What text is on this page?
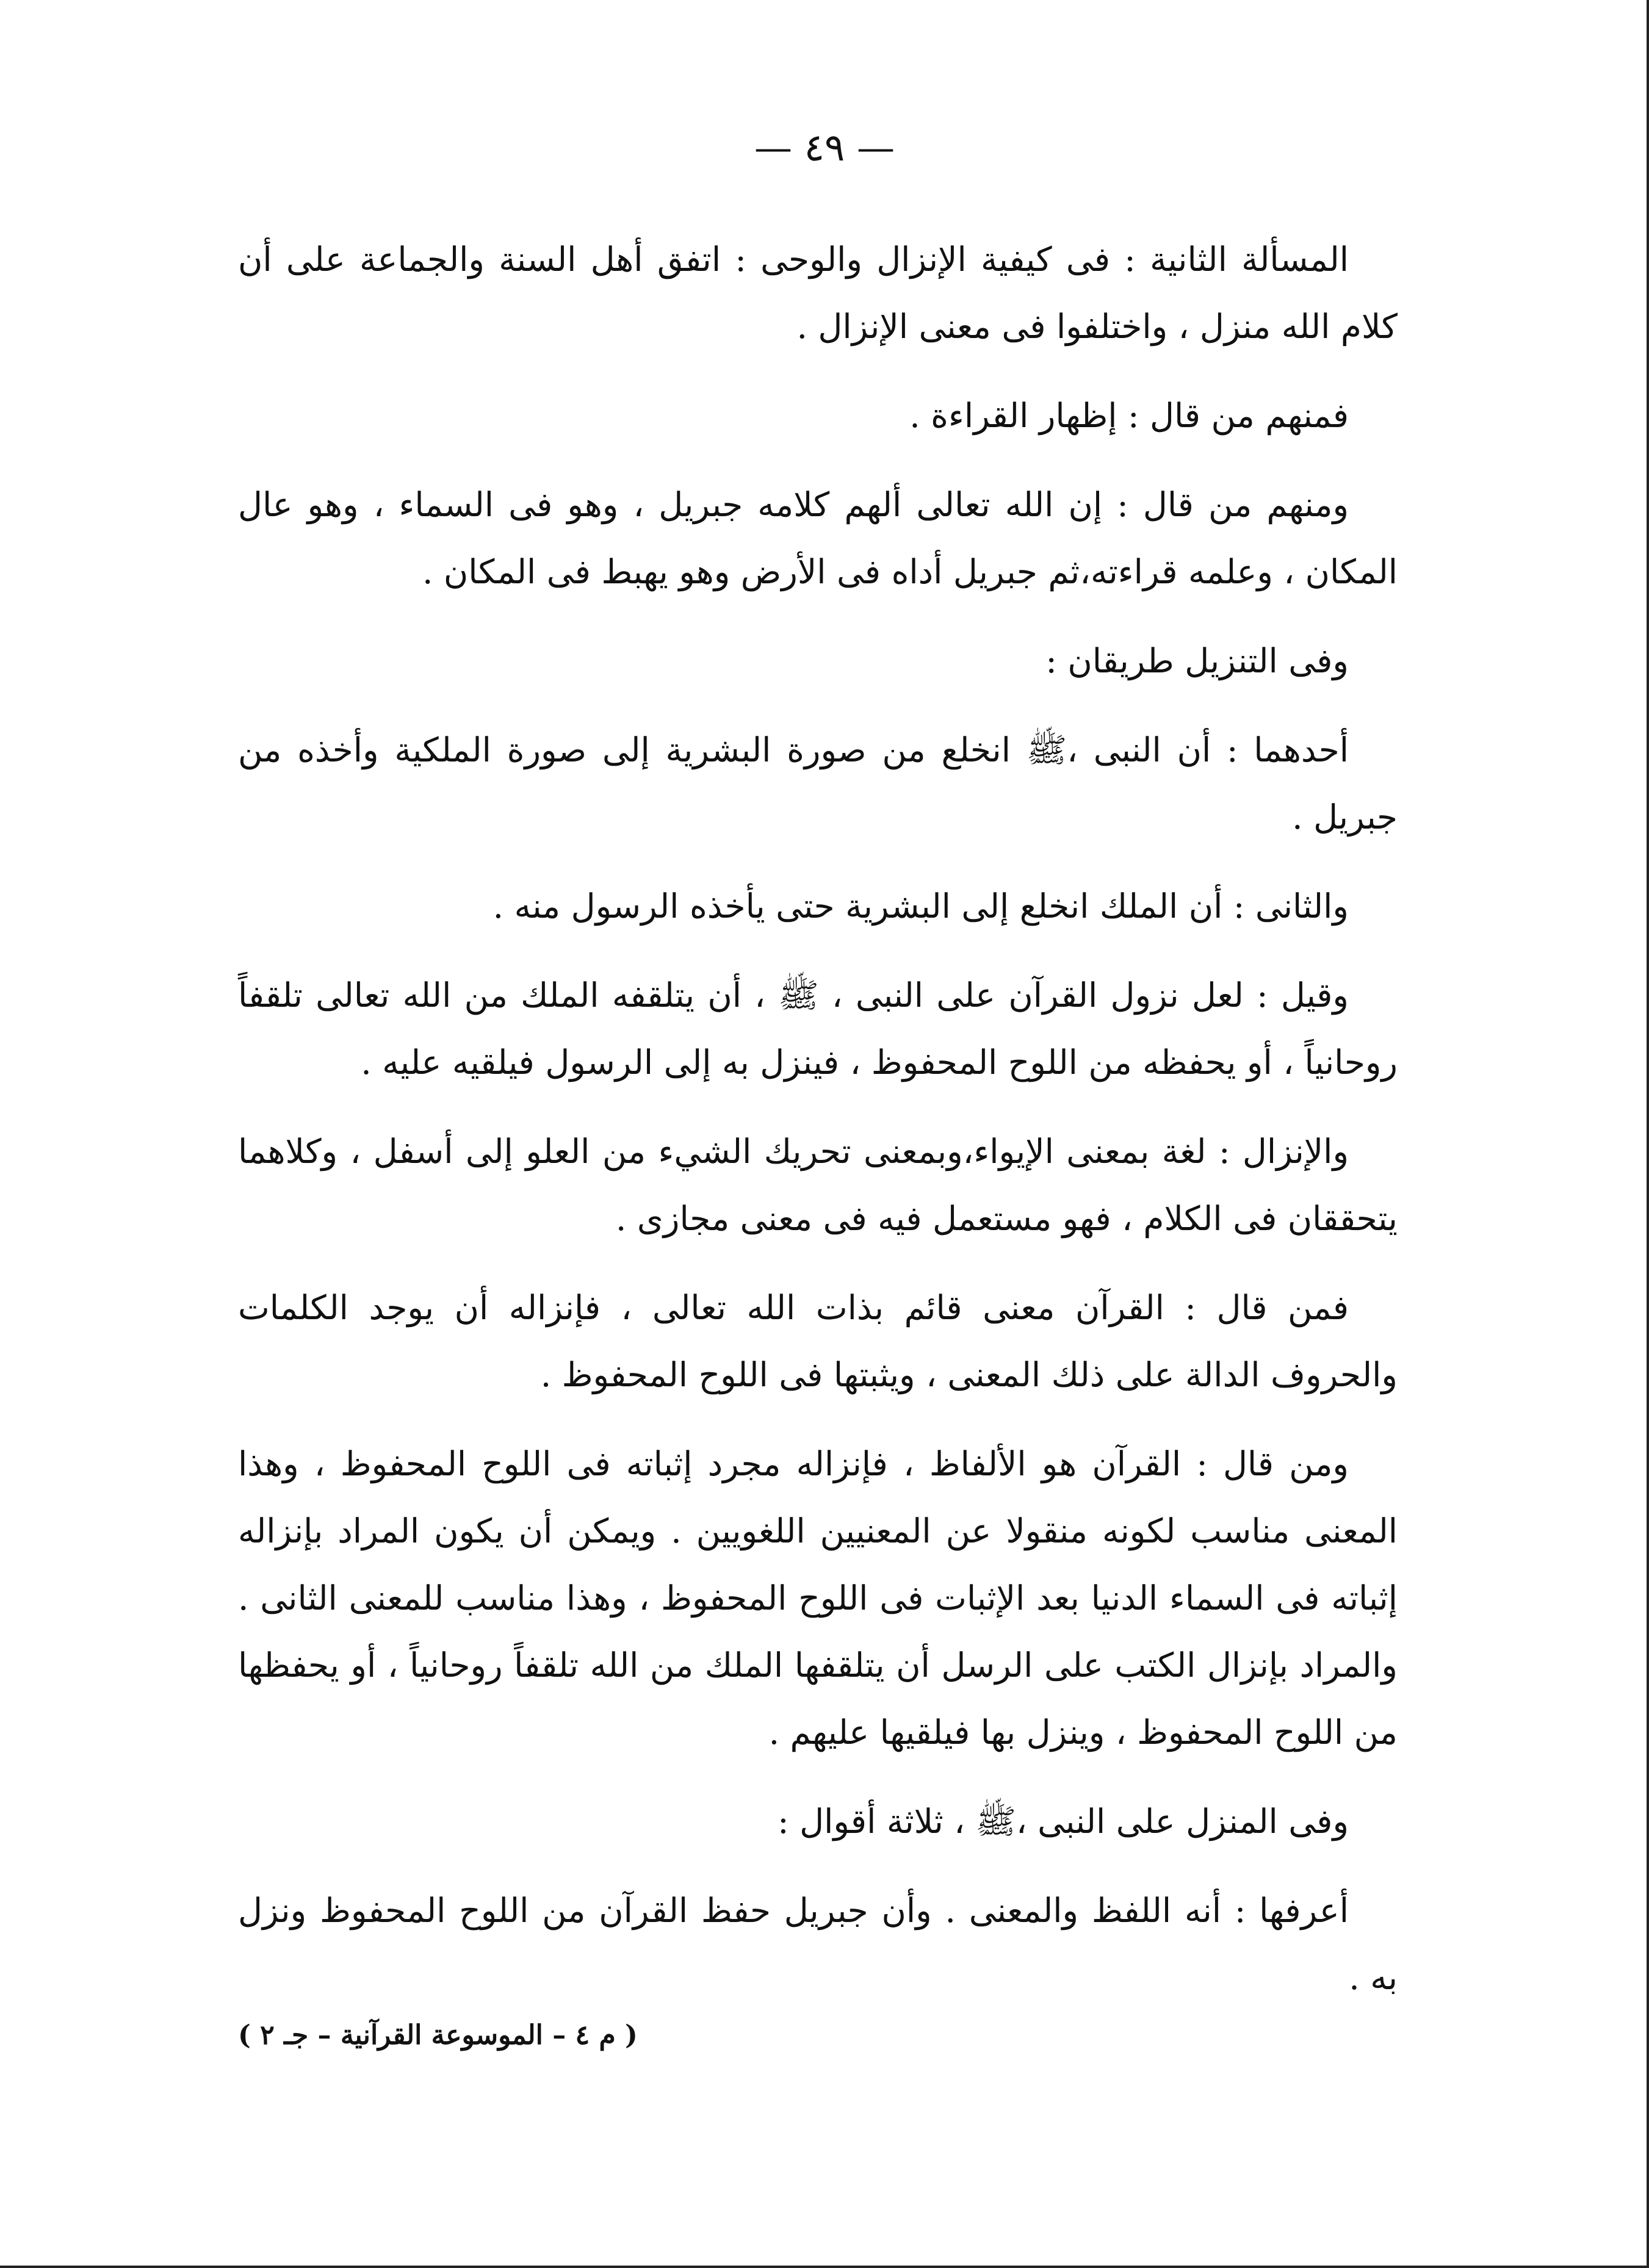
— ٤٩ —

المسألة الثانية : فى كيفية الإنزال والوحى : اتفق أهل السنة والجماعة على أن كلام الله منزل ، واختلفوا فى معنى الإنزال .

فمنهم من قال : إظهار القراءة .

ومنهم من قال : إن الله تعالى ألهم كلامه جبريل ، وهو فى السماء ، وهو عال المكان ، وعلمه قراءته،ثم جبريل أداه فى الأرض وهو يهبط فى المكان .

وفى التنزيل طريقان :

أحدهما : أن النبى ،ﷺ انخلع من صورة البشرية إلى صورة الملكية وأخذه من جبريل .

والثانى : أن الملك انخلع إلى البشرية حتى يأخذه الرسول منه .

وقيل : لعل نزول القرآن على النبى ، ﷺ ، أن يتلقفه الملك من الله تعالى تلقفاً روحانياً ، أو يحفظه من اللوح المحفوظ ، فينزل به إلى الرسول فيلقيه عليه .

والإنزال : لغة بمعنى الإيواء،وبمعنى تحريك الشيء من العلو إلى أسفل ، وكلاهما يتحققان فى الكلام ، فهو مستعمل فيه فى معنى مجازى .

فمن قال : القرآن معنى قائم بذات الله تعالى ، فإنزاله أن يوجد الكلمات والحروف الدالة على ذلك المعنى ، ويثبتها فى اللوح المحفوظ .

ومن قال : القرآن هو الألفاظ ، فإنزاله مجرد إثباته فى اللوح المحفوظ ، وهذا المعنى مناسب لكونه منقولا عن المعنيين اللغويين . ويمكن أن يكون المراد بإنزاله إثباته فى السماء الدنيا بعد الإثبات فى اللوح المحفوظ ، وهذا مناسب للمعنى الثانى . والمراد بإنزال الكتب على الرسل أن يتلقفها الملك من الله تلقفاً روحانياً ، أو يحفظها من اللوح المحفوظ ، وينزل بها فيلقيها عليهم .

وفى المنزل على النبى ،ﷺ ، ثلاثة أقوال :

أعرفها : أنه اللفظ والمعنى . وأن جبريل حفظ القرآن من اللوح المحفوظ ونزل به .

( م ٤ – الموسوعة القرآنية – جـ ٢ )
